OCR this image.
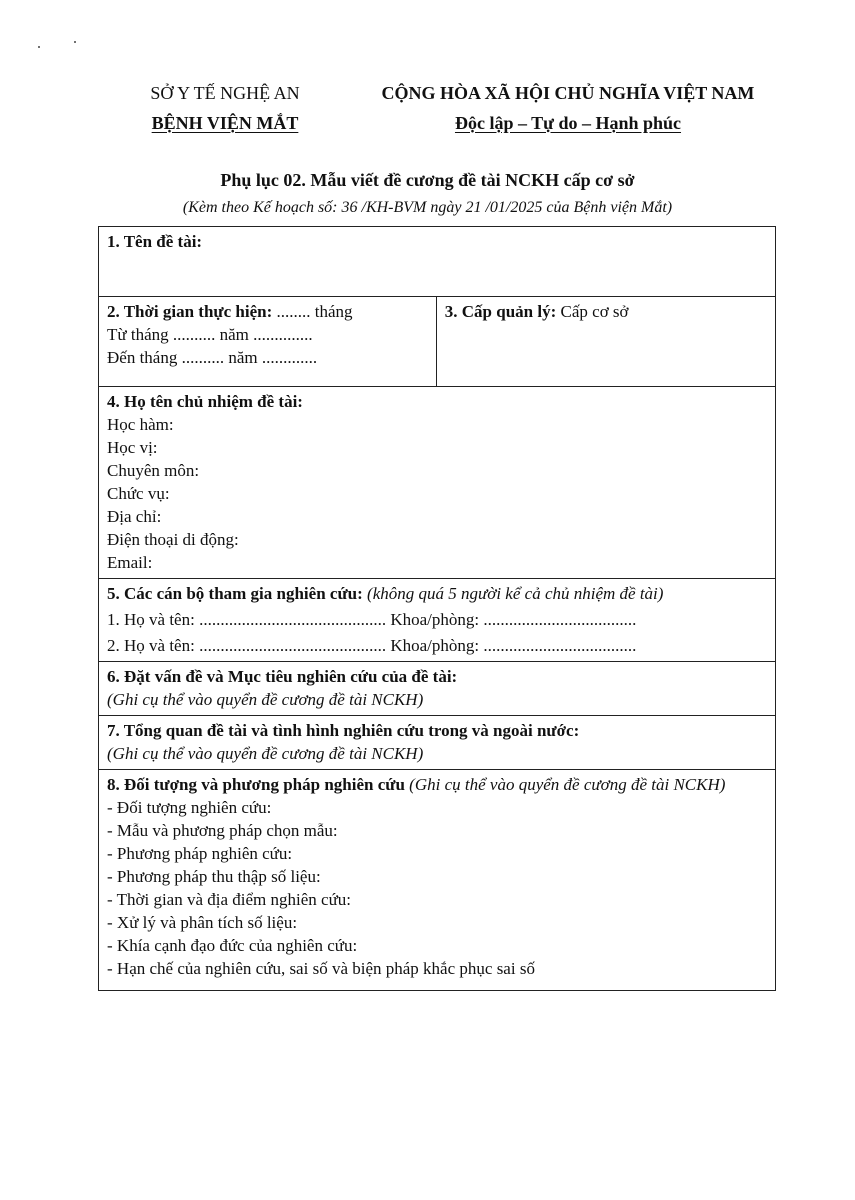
SỞ Y TẾ NGHỆ AN
BỆNH VIỆN MẮT
CỘNG HÒA XÃ HỘI CHỦ NGHĨA VIỆT NAM
Độc lập – Tự do – Hạnh phúc
Phụ lục 02. Mẫu viết đề cương đề tài NCKH cấp cơ sở
(Kèm theo Kế hoạch số: 36 /KH-BVM ngày 21 /01/2025 của Bệnh viện Mắt)
1. Tên đề tài:

2. Thời gian thực hiện: ........ tháng
Từ tháng .......... năm ..............
Đến tháng .......... năm .............
	3. Cấp quản lý: Cấp cơ sở

4. Họ tên chủ nhiệm đề tài:
Học hàm:
Học vị:
Chuyên môn:
Chức vụ:
Địa chỉ:
Điện thoại di động:
Email:

5. Các cán bộ tham gia nghiên cứu: (không quá 5 người kể cả chủ nhiệm đề tài)
1. Họ và tên: ............................................ Khoa/phòng: ....................................
2. Họ và tên: ............................................ Khoa/phòng: ....................................

6. Đặt vấn đề và Mục tiêu nghiên cứu của đề tài:
(Ghi cụ thể vào quyển đề cương đề tài NCKH)

7. Tổng quan đề tài và tình hình nghiên cứu trong và ngoài nước:
(Ghi cụ thể vào quyển đề cương đề tài NCKH)

8. Đối tượng và phương pháp nghiên cứu (Ghi cụ thể vào quyển đề cương đề tài NCKH)
- Đối tượng nghiên cứu:
- Mẫu và phương pháp chọn mẫu:
- Phương pháp nghiên cứu:
- Phương pháp thu thập số liệu:
- Thời gian và địa điểm nghiên cứu:
- Xử lý và phân tích số liệu:
- Khía cạnh đạo đức của nghiên cứu:
- Hạn chế của nghiên cứu, sai số và biện pháp khắc phục sai số
